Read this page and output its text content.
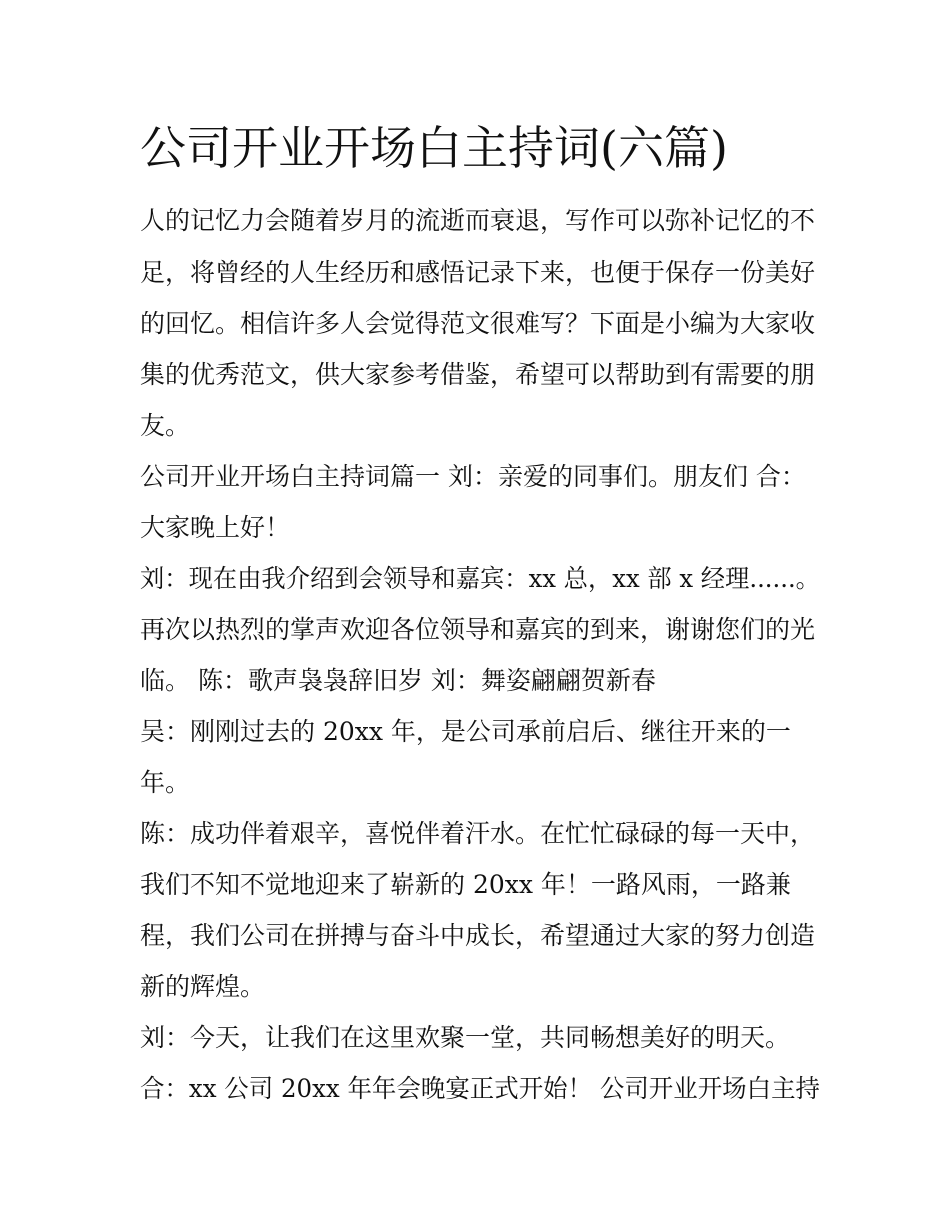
公司开业开场白主持词(六篇)
人的记忆力会随着岁月的流逝而衰退，写作可以弥补记忆的不
足，将曾经的人生经历和感悟记录下来，也便于保存一份美好
的回忆。相信许多人会觉得范文很难写？下面是小编为大家收
集的优秀范文，供大家参考借鉴，希望可以帮助到有需要的朋
友。
公司开业开场白主持词篇一 刘：亲爱的同事们。朋友们 合：
大家晚上好！
刘：现在由我介绍到会领导和嘉宾：xx 总，xx 部 x 经理......。
再次以热烈的掌声欢迎各位领导和嘉宾的到来，谢谢您们的光
临。 陈：歌声袅袅辞旧岁 刘：舞姿翩翩贺新春
吴：刚刚过去的 20xx 年，是公司承前启后、继往开来的一
年。
陈：成功伴着艰辛，喜悦伴着汗水。在忙忙碌碌的每一天中，
我们不知不觉地迎来了崭新的 20xx 年！一路风雨，一路兼
程，我们公司在拼搏与奋斗中成长，希望通过大家的努力创造
新的辉煌。
刘：今天，让我们在这里欢聚一堂，共同畅想美好的明天。
合：xx 公司 20xx 年年会晚宴正式开始！ 公司开业开场白主持
